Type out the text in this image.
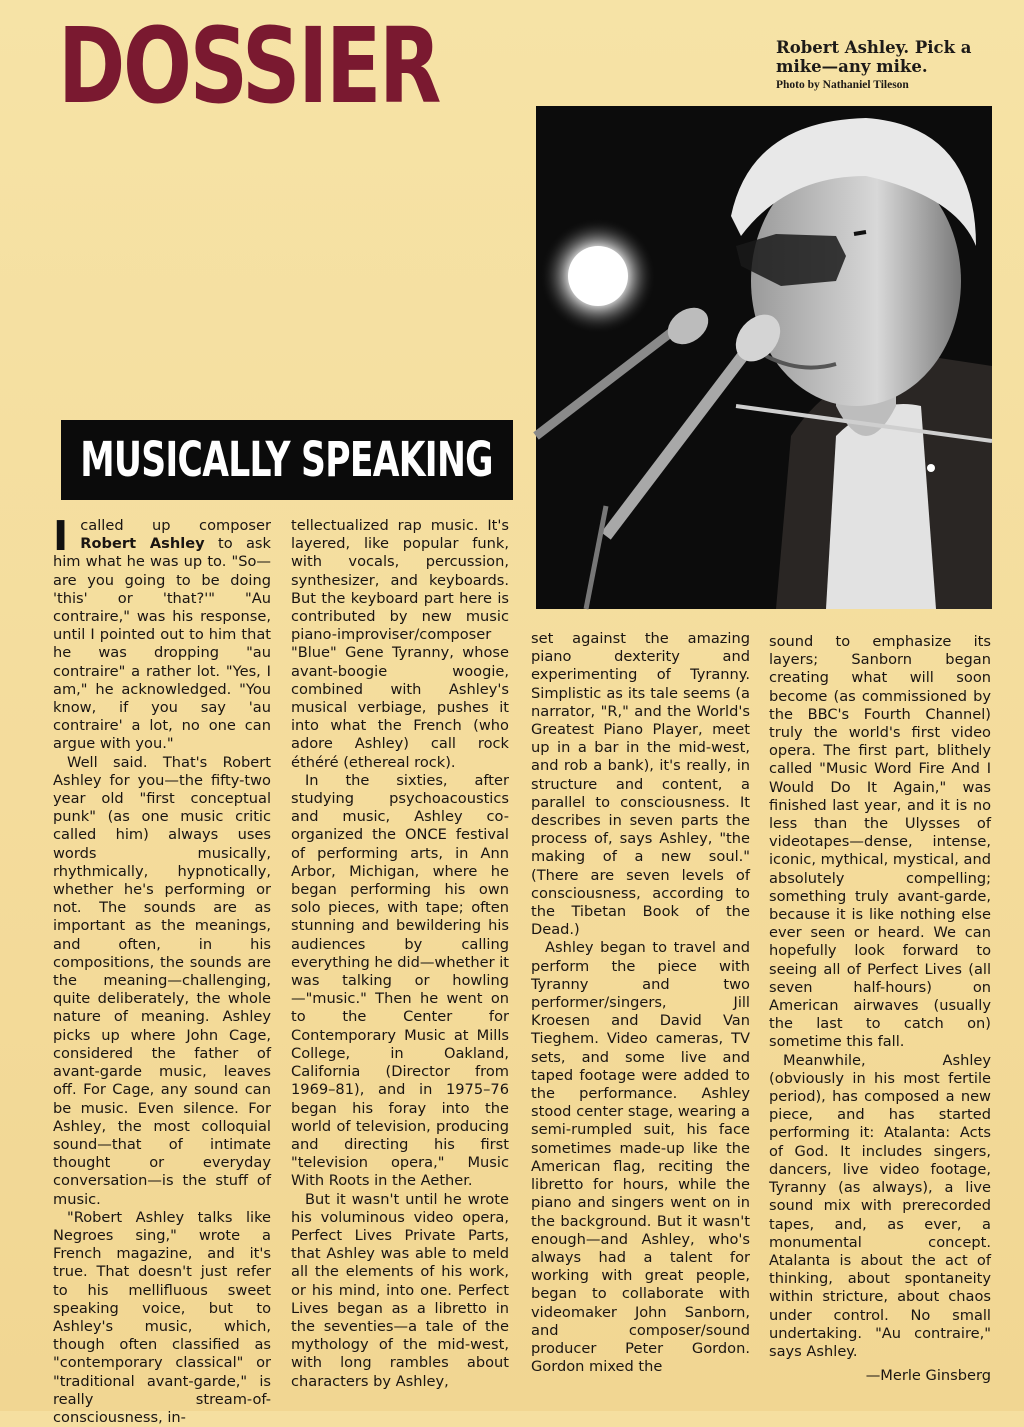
DOSSIER	Robert Ashley. Pick a mike—any mike.
Photo by Nathaniel Tileson
MUSICALLY SPEAKING

I called up composer Robert Ashley to ask him what he was up to. "So—are you going to be doing 'this' or 'that?'" "Au contraire," was his response, until I pointed out to him that he was dropping "au contraire" a rather lot. "Yes, I am," he acknowledged. "You know, if you say 'au contraire' a lot, no one can argue with you."

Well said. That's Robert Ashley for you—the fifty-two year old "first conceptual punk" (as one music critic called him) always uses words musically, rhythmically, hypnotically, whether he's performing or not. The sounds are as important as the meanings, and often, in his compositions, the sounds are the meaning—challenging, quite deliberately, the whole nature of meaning. Ashley picks up where John Cage, considered the father of avant-garde music, leaves off. For Cage, any sound can be music. Even silence. For Ashley, the most colloquial sound—that of intimate thought or everyday conversation—is the stuff of music.

"Robert Ashley talks like Negroes sing," wrote a French magazine, and it's true. That doesn't just refer to his mellifluous sweet speaking voice, but to Ashley's music, which, though often classified as "contemporary classical" or "traditional avant-garde," is really stream-of-consciousness, in-

tellectualized rap music. It's layered, like popular funk, with vocals, percussion, synthesizer, and keyboards. But the keyboard part here is contributed by new music piano-improviser/composer "Blue" Gene Tyranny, whose avant-boogie woogie, combined with Ashley's musical verbiage, pushes it into what the French (who adore Ashley) call rock éthéré (ethereal rock).

In the sixties, after studying psychoacoustics and music, Ashley co-organized the ONCE festival of performing arts, in Ann Arbor, Michigan, where he began performing his own solo pieces, with tape; often stunning and bewildering his audiences by calling everything he did—whether it was talking or howling—"music." Then he went on to the Center for Contemporary Music at Mills College, in Oakland, California (Director from 1969–81), and in 1975–76 began his foray into the world of television, producing and directing his first "television opera," Music With Roots in the Aether.

But it wasn't until he wrote his voluminous video opera, Perfect Lives Private Parts, that Ashley was able to meld all the elements of his work, or his mind, into one. Perfect Lives began as a libretto in the seventies—a tale of the mythology of the mid-west, with long rambles about characters by Ashley,

set against the amazing piano dexterity and experimenting of Tyranny. Simplistic as its tale seems (a narrator, "R," and the World's Greatest Piano Player, meet up in a bar in the mid-west, and rob a bank), it's really, in structure and content, a parallel to consciousness. It describes in seven parts the process of, says Ashley, "the making of a new soul." (There are seven levels of consciousness, according to the Tibetan Book of the Dead.)

Ashley began to travel and perform the piece with Tyranny and two performer/singers, Jill Kroesen and David Van Tieghem. Video cameras, TV sets, and some live and taped footage were added to the performance. Ashley stood center stage, wearing a semi-rumpled suit, his face sometimes made-up like the American flag, reciting the libretto for hours, while the piano and singers went on in the background. But it wasn't enough—and Ashley, who's always had a talent for working with great people, began to collaborate with videomaker John Sanborn, and composer/sound producer Peter Gordon. Gordon mixed the

sound to emphasize its layers; Sanborn began creating what will soon become (as commissioned by the BBC's Fourth Channel) truly the world's first video opera. The first part, blithely called "Music Word Fire And I Would Do It Again," was finished last year, and it is no less than the Ulysses of videotapes—dense, intense, iconic, mythical, mystical, and absolutely compelling; something truly avant-garde, because it is like nothing else ever seen or heard. We can hopefully look forward to seeing all of Perfect Lives (all seven half-hours) on American airwaves (usually the last to catch on) sometime this fall.

Meanwhile, Ashley (obviously in his most fertile period), has composed a new piece, and has started performing it: Atalanta: Acts of God. It includes singers, dancers, live video footage, Tyranny (as always), a live sound mix with prerecorded tapes, and, as ever, a monumental concept. Atalanta is about the act of thinking, about spontaneity within stricture, about chaos under control. No small undertaking. "Au contraire," says Ashley.

—Merle Ginsberg
